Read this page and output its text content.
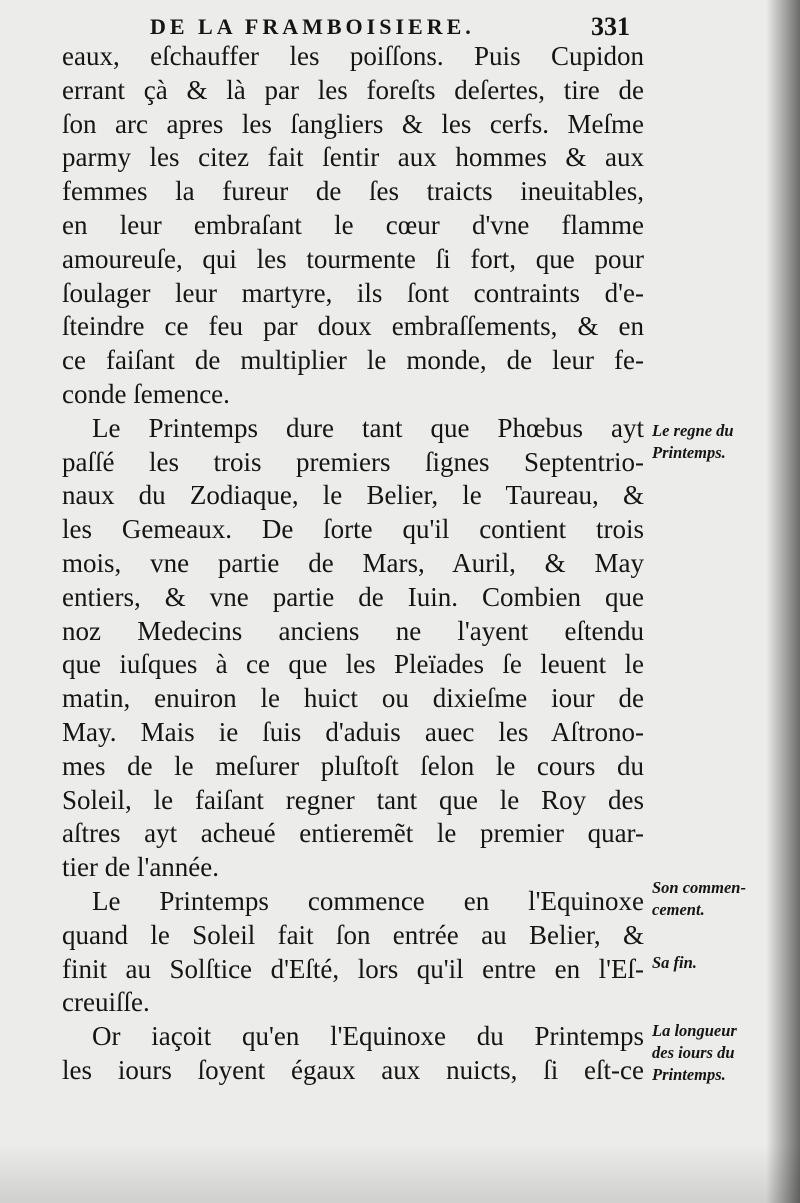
DE LA FRAMBOISIERE.	331
eaux, eſchauffer les poiſſons. Puis Cupidon
errant çà & là par les foreſts deſertes, tire de
ſon arc apres les ſangliers & les cerfs. Meſme
parmy les citez fait ſentir aux hommes & aux
femmes la fureur de ſes traicts ineuitables,
en leur embraſant le cœur d'vne flamme
amoureuſe, qui les tourmente ſi fort, que pour
ſoulager leur martyre, ils ſont contraints d'e-
ſteindre ce feu par doux embraſſements, & en
ce faiſant de multiplier le monde, de leur fe-
conde ſemence.
Le Printemps dure tant que Phœbus ayt
paſſé les trois premiers ſignes Septentrio-
naux du Zodiaque, le Belier, le Taureau, &
les Gemeaux. De ſorte qu'il contient trois
mois, vne partie de Mars, Auril, & May
entiers, & vne partie de Iuin. Combien que
noz Medecins anciens ne l'ayent eſtendu
que iuſques à ce que les Pleïades ſe leuent le
matin, enuiron le huict ou dixieſme iour de
May. Mais ie ſuis d'aduis auec les Aſtrono-
mes de le meſurer pluſtoſt ſelon le cours du
Soleil, le faiſant regner tant que le Roy des
aſtres ayt acheué entieremẽt le premier quar-
tier de l'année.
Le Printemps commence en l'Equinoxe
quand le Soleil fait ſon entrée au Belier, &
finit au Solſtice d'Eſté, lors qu'il entre en l'Eſ-
creuiſſe.
Or iaçoit qu'en l'Equinoxe du Printemps
les iours ſoyent égaux aux nuicts, ſi eſt-ce
Le regne du
Printemps.
Son commen-
cement.
Sa fin.
La longueur
des iours du
Printemps.
